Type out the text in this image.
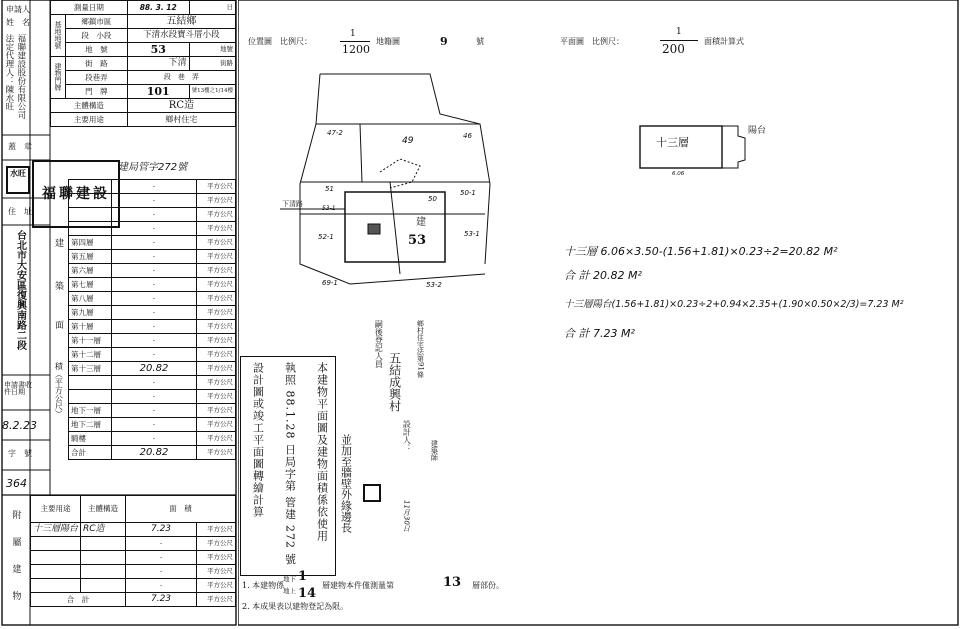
申請人
姓　名
法定代理人：陳水旺 福聯建設股份有限公司
蓋　章
水旺
住　址
台北市大安區復興南路二段
申請書收件日期
8.2.23
字　號
364
福聯建設
測量日期		88. 3. 12	日
基地地號	鄉鎮市區	五結鄉	
	段　小段	下清水段寶斗厝小段	
	地　號	53	地號
建物門牌	街　路	下清	街路
	段巷弄	段　巷　弄	
	門　牌	101	號13樓之1/14樓
主體構造		RC造	
主要用途		鄉村住宅	
建局管字272號
建
築
面
積（平方公尺）
	·	平方公尺
	·	平方公尺
	·	平方公尺
	·	平方公尺
第四層	·	平方公尺
第五層	·	平方公尺
第六層	·	平方公尺
第七層	·	平方公尺
第八層	·	平方公尺
第九層	·	平方公尺
第十層	·	平方公尺
第十一層	·	平方公尺
第十二層	·	平方公尺
第十三層	20.82	平方公尺
	·	平方公尺
	·	平方公尺
地下一層	·	平方公尺
地下二層	·	平方公尺
騎樓	·	平方公尺
合計	20.82	平方公尺
附屬建物
主要用途	主體構造	面　積	
十三層陽台	RC造	7.23	平方公尺
		·	平方公尺
		·	平方公尺
		·	平方公尺
		·	平方公尺
合　計		7.23	平方公尺
位置圖　比例尺：
1
1200
地籍圖	9	號
47-2
49	46
51	50-1
50
53-1
52-1	53	53-1
69-1	53-2
下清路
建
平面圖　比例尺：
1
200
面積計算式
十三層
陽台
6.06
十三層 6.06×3.50-(1.56+1.81)×0.23÷2=20.82 M²
合 計 20.82 M²
十三層陽台(1.56+1.81)×0.23÷2+0.94×2.35+(1.90×0.50×2/3)=7.23 M²
合 計 7.23 M²
本建物平面圖及建物面積係依使用
執照 88.1.28 日局字第 管建 272 號
設計圖或竣工平面圖轉繪計算	並加至牆壁外緣邊長
嗣後登記人員
五結成興村
設計人：
鄉村住宅法第91條
11月30日
建築師
1. 本建物係
地下 1
地上 14
層建物本件僅測量第	13 層部份。
2. 本成果表以建物登記為限。
